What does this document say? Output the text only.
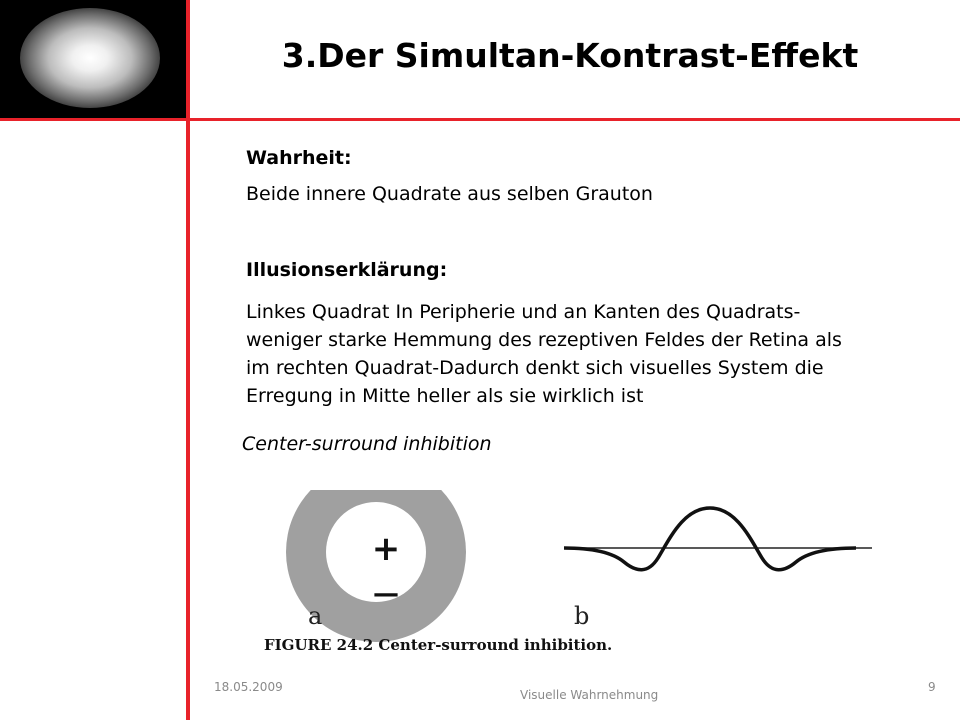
3.Der Simultan-Kontrast-Effekt
Wahrheit:
Beide innere Quadrate aus selben Grauton
Illusionserklärung:
Linkes Quadrat In Peripherie und an Kanten des Quadrats-
weniger starke Hemmung des rezeptiven Feldes der Retina als
im rechten Quadrat-Dadurch denkt sich visuelles System die
Erregung in Mitte heller als sie wirklich ist
Center-surround inhibition
+
—
a	b
FIGURE 24.2 Center-surround inhibition.
18.05.2009
Visuelle Wahrnehmung
9
